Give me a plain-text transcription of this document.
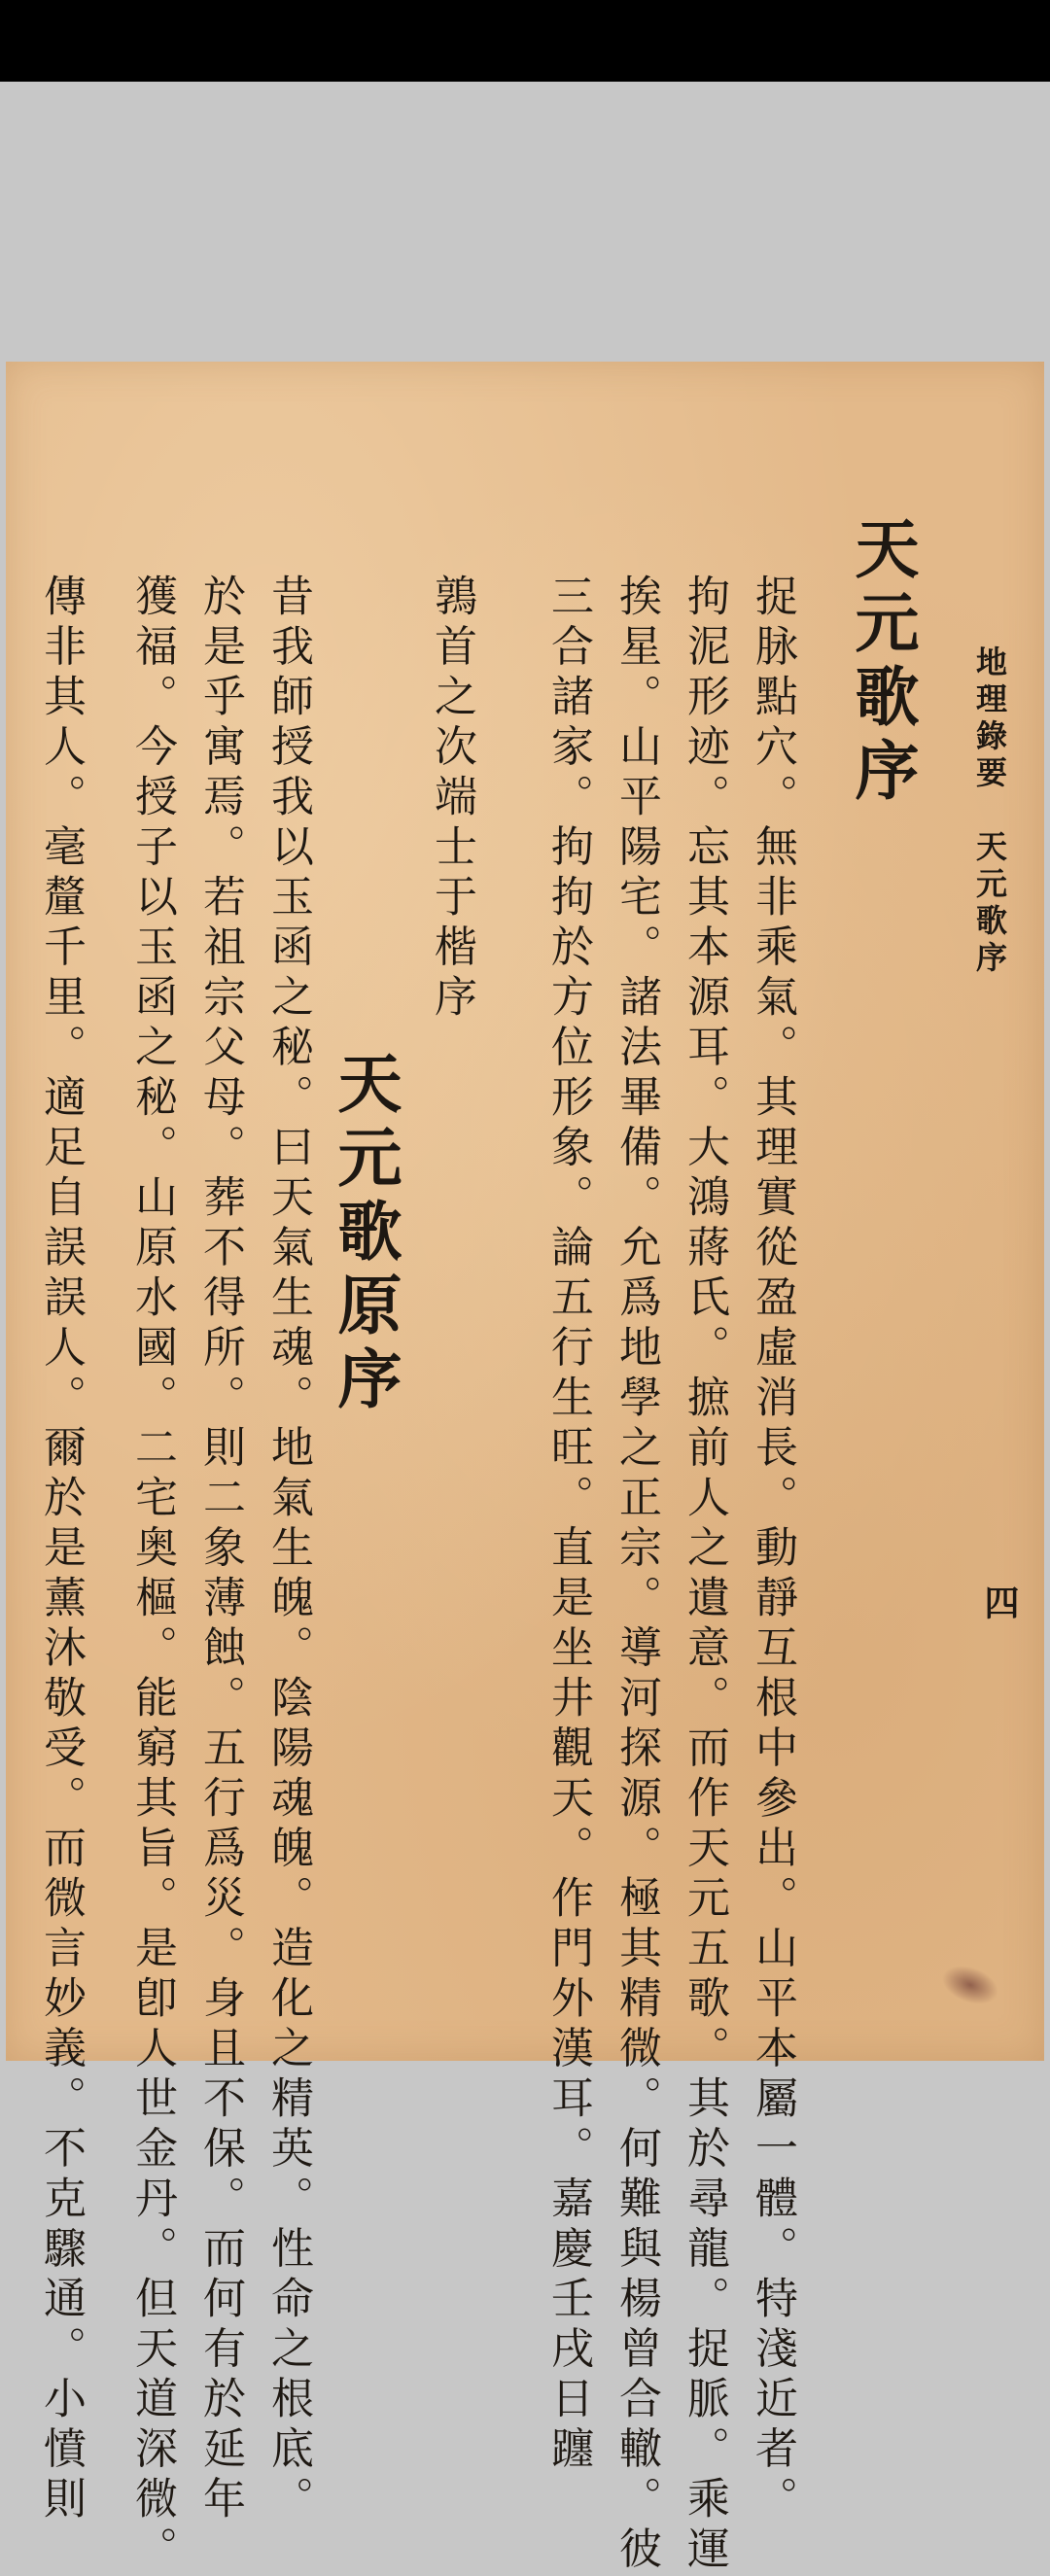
地理錄要　天元歌序
四
天元歌序
捉脉點穴。無非乘氣。其理實從盈虛消長。動靜互根中參出。山平本屬一體。特淺近者。
拘泥形迹。忘其本源耳。大鴻蔣氏。摭前人之遺意。而作天元五歌。其於尋龍。捉脈。乘運
挨星。山平陽宅。諸法畢備。允爲地學之正宗。導河探源。極其精微。何難與楊曾合轍。彼
三合諸家。拘拘於方位形象。論五行生旺。直是坐井觀天。作門外漢耳。嘉慶壬戌日躔
鶉首之次端士于楷序
天元歌原序
昔我師授我以玉函之秘。曰天氣生魂。地氣生魄。陰陽魂魄。造化之精英。性命之根底。
於是乎寓焉。若祖宗父母。葬不得所。則二象薄蝕。五行爲災。身且不保。而何有於延年
獲福。今授子以玉函之秘。山原水國。二宅奥樞。能窮其旨。是卽人世金丹。但天道深微。
傳非其人。毫釐千里。適足自誤誤人。爾於是薰沐敬受。而微言妙義。不克驟通。小憤則
